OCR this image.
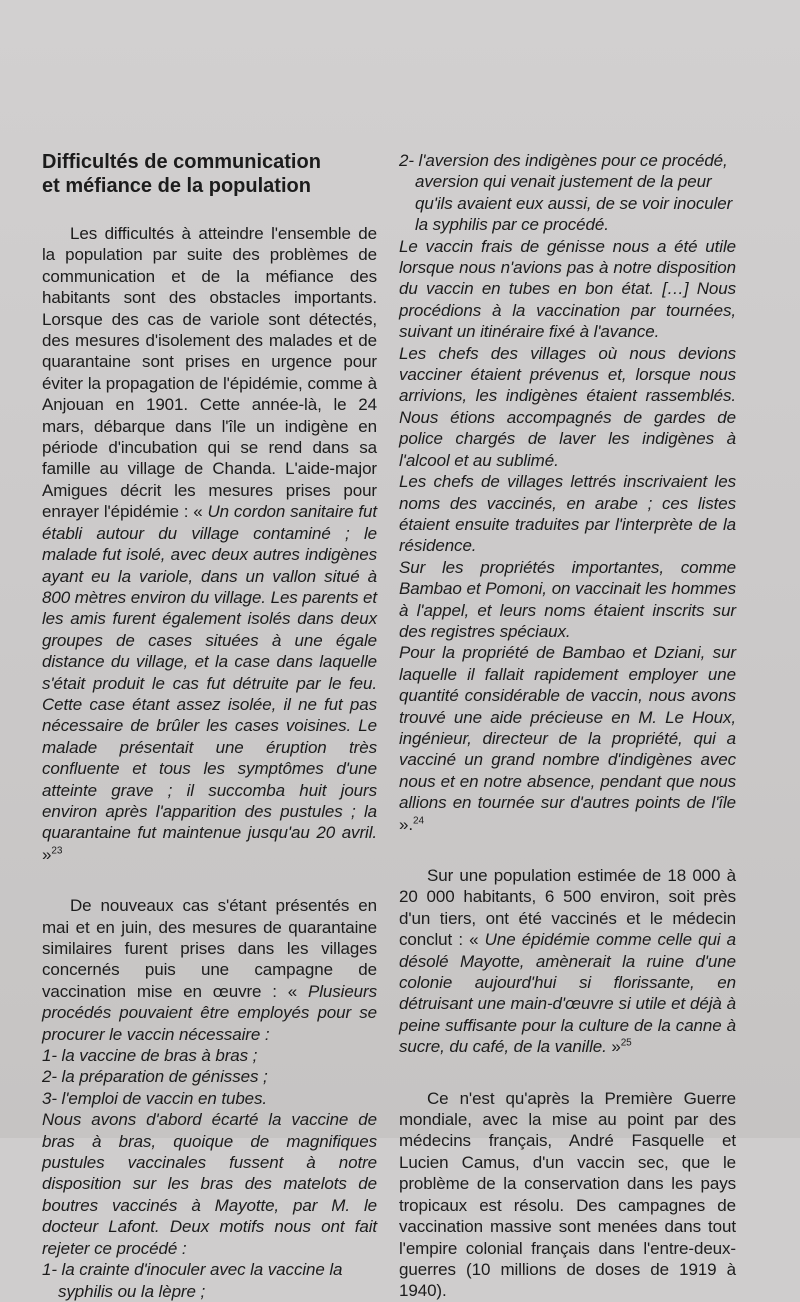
Difficultés de communication
et méfiance de la population

Les difficultés à atteindre l'ensemble de la population par suite des problèmes de communication et de la méfiance des habitants sont des obstacles importants. Lorsque des cas de variole sont détectés, des mesures d'isolement des malades et de quarantaine sont prises en urgence pour éviter la propagation de l'épidémie, comme à Anjouan en 1901. Cette année-là, le 24 mars, débarque dans l'île un indigène en période d'incubation qui se rend dans sa famille au village de Chanda. L'aide-major Amigues décrit les mesures prises pour enrayer l'épidémie : « Un cordon sanitaire fut établi autour du village contaminé ; le malade fut isolé, avec deux autres indigènes ayant eu la variole, dans un vallon situé à 800 mètres environ du village. Les parents et les amis furent également isolés dans deux groupes de cases situées à une égale distance du village, et la case dans laquelle s'était produit le cas fut détruite par le feu. Cette case étant assez isolée, il ne fut pas nécessaire de brûler les cases voisines. Le malade présentait une éruption très confluente et tous les symptômes d'une atteinte grave ; il succomba huit jours environ après l'apparition des pustules ; la quarantaine fut maintenue jusqu'au 20 avril. »$^{23}$

De nouveaux cas s'étant présentés en mai et en juin, des mesures de quarantaine similaires furent prises dans les villages concernés puis une campagne de vaccination mise en œuvre : « Plusieurs procédés pouvaient être employés pour se procurer le vaccin nécessaire :

1- la vaccine de bras à bras ;

2- la préparation de génisses ;

3- l'emploi de vaccin en tubes.

Nous avons d'abord écarté la vaccine de bras à bras, quoique de magnifiques pustules vaccinales fussent à notre disposition sur les bras des matelots de boutres vaccinés à Mayotte, par M. le docteur Lafont. Deux motifs nous ont fait rejeter ce procédé :

1- la crainte d'inoculer avec la vaccine la syphilis ou la lèpre ;

2- l'aversion des indigènes pour ce procédé, aversion qui venait justement de la peur qu'ils avaient eux aussi, de se voir inoculer la syphilis par ce procédé.

Le vaccin frais de génisse nous a été utile lorsque nous n'avions pas à notre disposition du vaccin en tubes en bon état. […] Nous procédions à la vaccination par tournées, suivant un itinéraire fixé à l'avance.

Les chefs des villages où nous devions vacciner étaient prévenus et, lorsque nous arrivions, les indigènes étaient rassemblés. Nous étions accompagnés de gardes de police chargés de laver les indigènes à l'alcool et au sublimé.

Les chefs de villages lettrés inscrivaient les noms des vaccinés, en arabe ; ces listes étaient ensuite traduites par l'interprète de la résidence.

Sur les propriétés importantes, comme Bambao et Pomoni, on vaccinait les hommes à l'appel, et leurs noms étaient inscrits sur des registres spéciaux.

Pour la propriété de Bambao et Dziani, sur laquelle il fallait rapidement employer une quantité considérable de vaccin, nous avons trouvé une aide précieuse en M. Le Houx, ingénieur, directeur de la propriété, qui a vacciné un grand nombre d'indigènes avec nous et en notre absence, pendant que nous allions en tournée sur d'autres points de l'île ».$^{24}$

Sur une population estimée de 18 000 à 20 000 habitants, 6 500 environ, soit près d'un tiers, ont été vaccinés et le médecin conclut : « Une épidémie comme celle qui a désolé Mayotte, amènerait la ruine d'une colonie aujourd'hui si florissante, en détruisant une main-d'œuvre si utile et déjà à peine suffisante pour la culture de la canne à sucre, du café, de la vanille. »$^{25}$

Ce n'est qu'après la Première Guerre mondiale, avec la mise au point par des médecins français, André Fasquelle et Lucien Camus, d'un vaccin sec, que le problème de la conservation dans les pays tropicaux est résolu. Des campagnes de vaccination massive sont menées dans tout l'empire colonial français dans l'entre-deux-guerres (10 millions de doses de 1919 à 1940).
